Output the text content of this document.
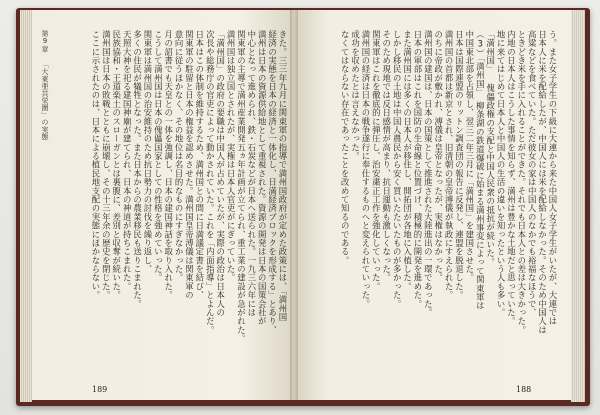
第9章 「大東亜共栄圏」の実態	きた。三三年九月に関東軍の指導で満州国政府が定めた政策には、「満州国
経済の実態を日本の経済と一体化し、日満経済ブロックを形成する」とあり、
満州は日本の資源供給地として重視された。資源の開発は日本の国策会社が
中心となって進められ、鉄・石炭などが日本へ送られた。一九三六年には
関東軍の主導で満州産業開発五ヵ年計画が立てられ、重工業の建設が急がれた。
満州国は独立国とされたが、実権は日本人官吏がにぎっていた。
「満州国」の政府の要職は中国人が占めていたが、実際の政治は日本人の
次長や総務庁の官吏によって動かされていた。これを「内面指導」とよんだ。
日本はこの体制を維持するため、満州国との間に日満議定書を結び、
関東軍の駐留と日本の権益を認めさせた。満州国皇帝溥儀は関東軍の
意向に従うほかなく、その地位は名目的なものにすぎなかった。
月の詔書でも天皇との一体を強調し、日本の建国神話を取り入れた。
こうして満州国は日本の傀儡国家としての性格を強めていった。
関東軍は満州国の治安維持のため抗日勢力の討伐を繰り返し、
多くの住民が犠牲となった。また日本からの農業移民も送りこまれた。
天照大神を祀る建国神廟が建てられ、日本の神道が持ちこまれた。
民族協和・王道楽土のスローガンとは裏腹に、差別と収奪が続いた。
満州国は日本の敗戦とともに崩壊し、その十三年余の歴史を閉じた。
ここに示されたのは、日本による植民地支配の実態にほかならない。
189
う。また女子学生の下級に大連から来た中国人女子学生がいたが、大連では
日本人に米を配給したが、中国人には米を配給しなかった。そのため中国人は
高粱などを食べていた。ただ彼女の家は中国人のなかでも裕福なほうで、
ときどき米を手に入れることができた。それでも日本人との差は大きかった。
内地の日本人はこうした事情を知らず、満州は豊かな土地だと思っていた。
地に来てはじめて日本人と中国人の生活の違いを知ったという人も多い。
「満州国」 傀儡政権の支配と中国人民衆の抵抗が続いた。
（3）「満州国」　柳条湖の鉄道爆破に始まる満州事変によって関東軍は
中国東北部を占領し、翌三二年三月に「満州国」を建国させた。
日本は国際連盟のリットン調査団の報告に反発し、連盟を脱退した。
満州国の首都は新京とされ、旧清朝の皇帝溥儀が執政にすえられた。
のちに帝政が敷かれ、溥儀は皇帝となったが、実権はなかった。
満州国の建国は、日本の国策として推進された大陸進出の一環であった。
日本の軍部はこれを国防の生命線と位置づけ、積極的に開発を進めた。
また満州国には多くの日本人が移住し、開拓団が各地に入植した。
しかし移民の土地は中国人農民から安く買いたたいたものが多かった。
そのため現地では反日感情が高まり、抗日運動も激しくなった。
関東軍はこれを徹底的に弾圧し、治安粛正工作を強化していった。
満州国の経済は日本の戦争遂行に奉仕するものへと変えられていった。
成功を収めたとは言えなかった。
なくてはならない存在であったことを改めて知るのである。
188
